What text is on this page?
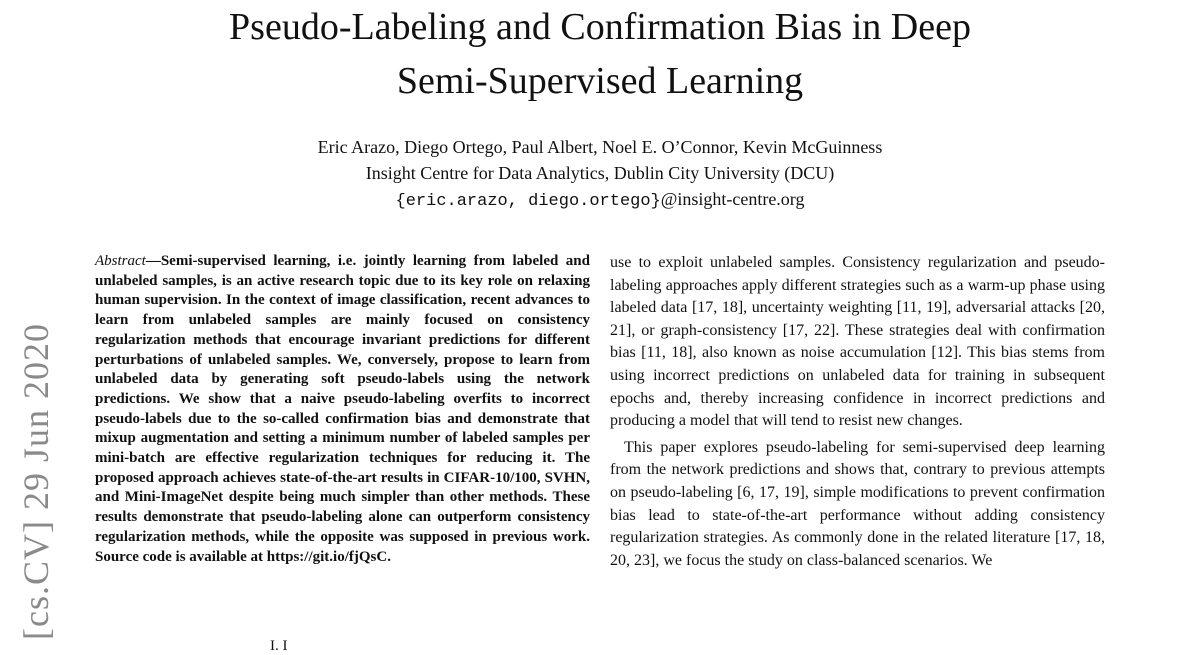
Pseudo-Labeling and Confirmation Bias in Deep
Semi-Supervised Learning
Eric Arazo, Diego Ortego, Paul Albert, Noel E. O’Connor, Kevin McGuinness
Insight Centre for Data Analytics, Dublin City University (DCU)
{eric.arazo, diego.ortego}@insight-centre.org
[cs.CV] 29 Jun 2020
Abstract—Semi-supervised learning, i.e. jointly learning from labeled and unlabeled samples, is an active research topic due to its key role on relaxing human supervision. In the context of image classification, recent advances to learn from unlabeled samples are mainly focused on consistency regularization methods that encourage invariant predictions for different perturbations of unlabeled samples. We, conversely, propose to learn from unlabeled data by generating soft pseudo-labels using the network predictions. We show that a naive pseudo-labeling overfits to incorrect pseudo-labels due to the so-called confirmation bias and demonstrate that mixup augmentation and setting a minimum number of labeled samples per mini-batch are effective regularization techniques for reducing it. The proposed approach achieves state-of-the-art results in CIFAR-10/100, SVHN, and Mini-ImageNet despite being much simpler than other methods. These results demonstrate that pseudo-labeling alone can outperform consistency regularization methods, while the opposite was supposed in previous work. Source code is available at https://git.io/fjQsC.
I. I

use to exploit unlabeled samples. Consistency regularization and pseudo-labeling approaches apply different strategies such as a warm-up phase using labeled data [17, 18], uncertainty weighting [11, 19], adversarial attacks [20, 21], or graph-consistency [17, 22]. These strategies deal with confirmation bias [11, 18], also known as noise accumulation [12]. This bias stems from using incorrect predictions on unlabeled data for training in subsequent epochs and, thereby increasing confidence in incorrect predictions and producing a model that will tend to resist new changes.

This paper explores pseudo-labeling for semi-supervised deep learning from the network predictions and shows that, contrary to previous attempts on pseudo-labeling [6, 17, 19], simple modifications to prevent confirmation bias lead to state-of-the-art performance without adding consistency regularization strategies. As commonly done in the related literature [17, 18, 20, 23], we focus the study on class-balanced scenarios. We
